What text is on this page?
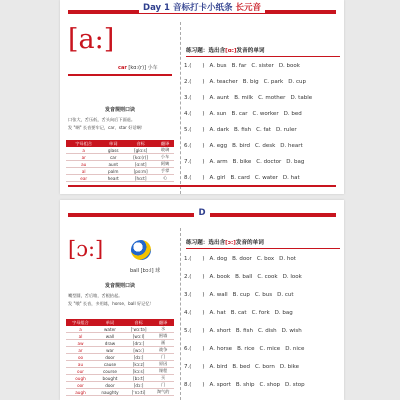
Day 1 音标打卡小纸条 长元音
[a:]
car [kɑ:(r)] 小车
发音规则口诀
口张大，舌压低，舌头向后下面退。
发 "啊" 长音要牢记，car、star 好话啊！
字母组合	单词	音标	翻译
a	glass	[glɑ:s]	玻璃
ar	car	[kɑ:(r)]	小车
au	aunt	[ɑ:nt]	阿姨
al	palm	[pɑ:m]	手掌
ear	heart	[hɑ:t]	心
练习题：选出含[ɑ:]发音的单词
1.(　　) A. bus B. far C. sister D. book
2.(　　) A. teacher B. big C. park D. cup
3.(　　) A. aunt B. milk C. mother D. table
4.(　　) A. sun B. car C. worker D. bed
5.(　　) A. dark B. fish C. fat D. ruler
6.(　　) A. egg B. bird C. desk D. heart
7.(　　) A. arm B. bike C. doctor D. bag
8.(　　) A. girl B. card C. water D. hat
D
[ɔ:]
ball [bɔ:l] 球
发音规则口诀
嘴型圆，舌后缩，舌根抬起。
发 "哦" 长音，多用练，horse、ball 好记忆！
字母组合	单词	音标	翻译
a	water	[ˈwɔ:tə]	水
al	wall	[wɔ:l]	围墙
aw	draw	[drɔ:]	画
ar	war	[wɔ:]	战争
oo	door	[dɔ:]	门
au	cause	[kɔ:z]	原因
our	course	[kɔ:s]	课程
ough	bought	[bɔ:t]	买
oor	door	[dɔ:]	门
augh	naughty	[ˈnɔ:ti]	淘气的
练习题：选出含[ɔ:]发音的单词
1.(　　) A. dog B. door C. box D. hot
2.(　　) A. book B. ball C. cook D. look
3.(　　) A. wall B. cup C. bus D. cut
4.(　　) A. hat B. cat C. fork D. bag
5.(　　) A. short B. fish C. dish D. wish
6.(　　) A. horse B. rice C. mice D. nice
7.(　　) A. bird B. bed C. born D. bike
8.(　　) A. sport B. ship C. shop D. stop
